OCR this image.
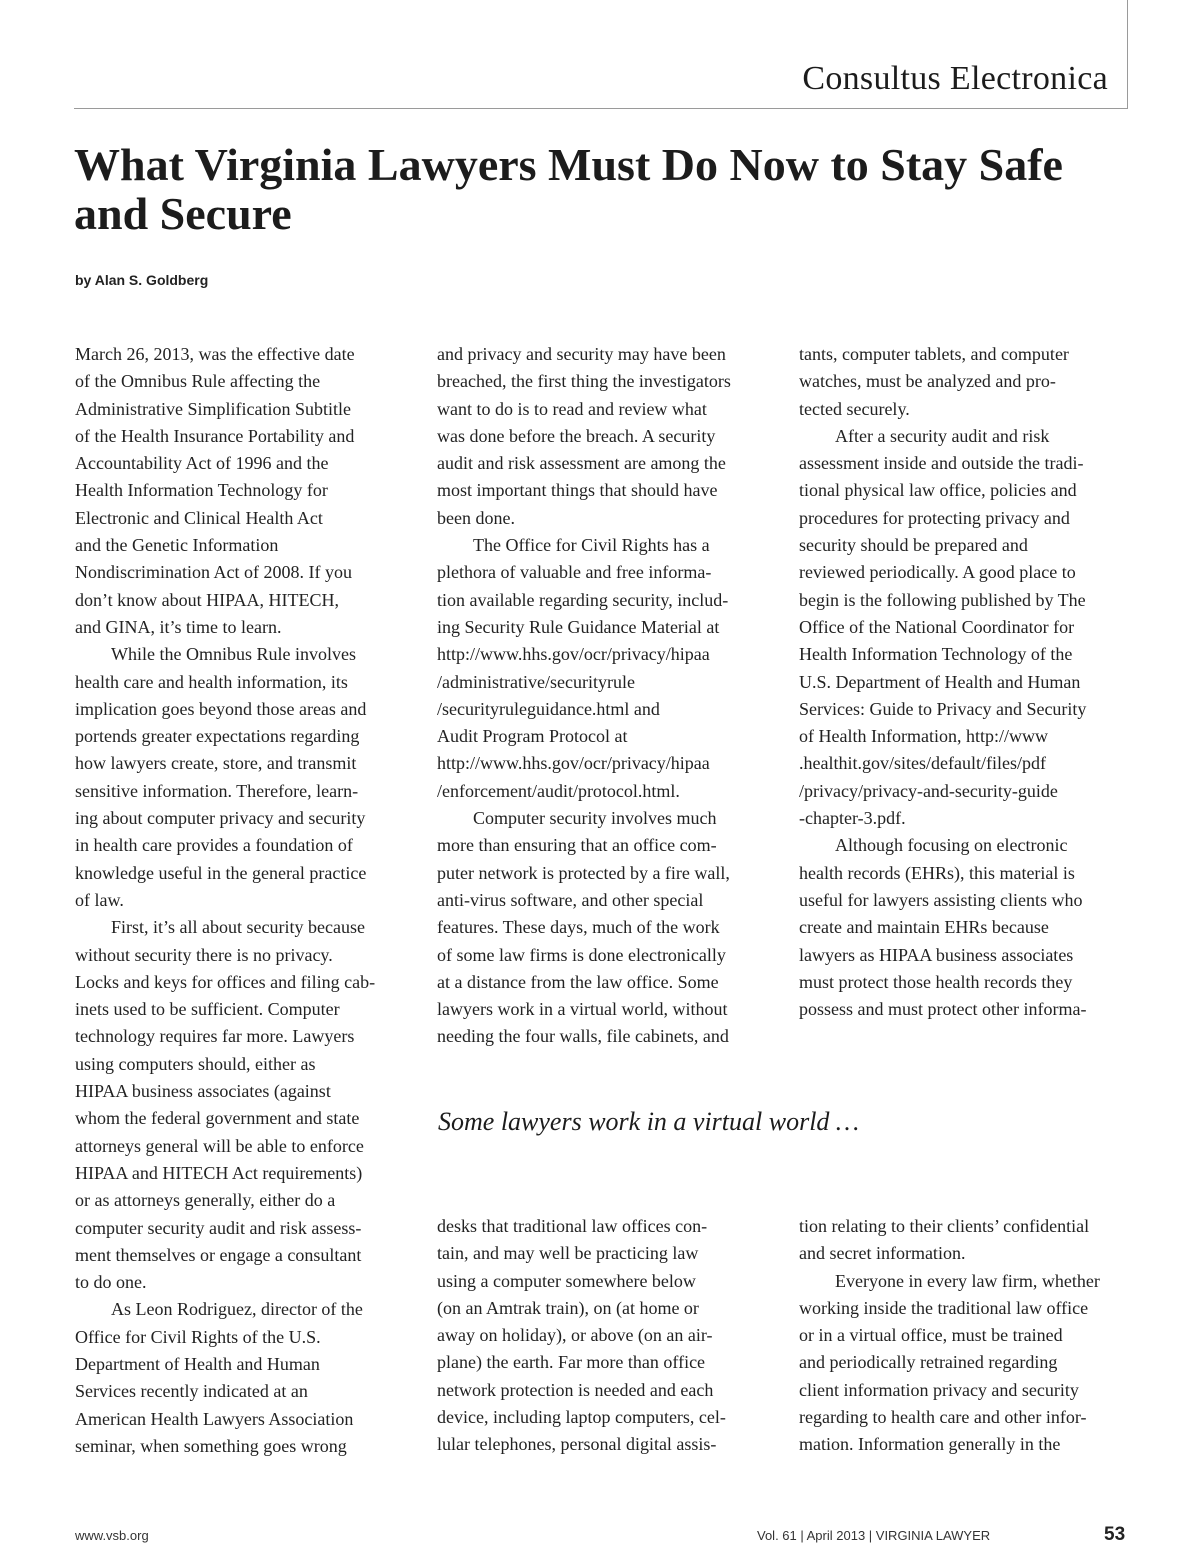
Consultus Electronica
What Virginia Lawyers Must Do Now to Stay Safe and Secure
by Alan S. Goldberg
March 26, 2013, was the effective date
of the Omnibus Rule affecting the
Administrative Simplification Subtitle
of the Health Insurance Portability and
Accountability Act of 1996 and the
Health Information Technology for
Electronic and Clinical Health Act
and the Genetic Information
Nondiscrimination Act of 2008. If you
don’t know about HIPAA, HITECH,
and GINA, it’s time to learn.
While the Omnibus Rule involves
health care and health information, its
implication goes beyond those areas and
portends greater expectations regarding
how lawyers create, store, and transmit
sensitive information. Therefore, learn-
ing about computer privacy and security
in health care provides a foundation of
knowledge useful in the general practice
of law.
First, it’s all about security because
without security there is no privacy.
Locks and keys for offices and filing cab-
inets used to be sufficient. Computer
technology requires far more. Lawyers
using computers should, either as
HIPAA business associates (against
whom the federal government and state
attorneys general will be able to enforce
HIPAA and HITECH Act requirements)
or as attorneys generally, either do a
computer security audit and risk assess-
ment themselves or engage a consultant
to do one.
As Leon Rodriguez, director of the
Office for Civil Rights of the U.S.
Department of Health and Human
Services recently indicated at an
American Health Lawyers Association
seminar, when something goes wrong
and privacy and security may have been
breached, the first thing the investigators
want to do is to read and review what
was done before the breach. A security
audit and risk assessment are among the
most important things that should have
been done.
The Office for Civil Rights has a
plethora of valuable and free informa-
tion available regarding security, includ-
ing Security Rule Guidance Material at
http://www.hhs.gov/ocr/privacy/hipaa
/administrative/securityrule
/securityruleguidance.html and
Audit Program Protocol at
http://www.hhs.gov/ocr/privacy/hipaa
/enforcement/audit/protocol.html.
Computer security involves much
more than ensuring that an office com-
puter network is protected by a fire wall,
anti-virus software, and other special
features. These days, much of the work
of some law firms is done electronically
at a distance from the law office. Some
lawyers work in a virtual world, without
needing the four walls, file cabinets, and
tants, computer tablets, and computer
watches, must be analyzed and pro-
tected securely.
After a security audit and risk
assessment inside and outside the tradi-
tional physical law office, policies and
procedures for protecting privacy and
security should be prepared and
reviewed periodically. A good place to
begin is the following published by The
Office of the National Coordinator for
Health Information Technology of the
U.S. Department of Health and Human
Services: Guide to Privacy and Security
of Health Information, http://www
.healthit.gov/sites/default/files/pdf
/privacy/privacy-and-security-guide
-chapter-3.pdf.
Although focusing on electronic
health records (EHRs), this material is
useful for lawyers assisting clients who
create and maintain EHRs because
lawyers as HIPAA business associates
must protect those health records they
possess and must protect other informa-
Some lawyers work in a virtual world …
desks that traditional law offices con-
tain, and may well be practicing law
using a computer somewhere below
(on an Amtrak train), on (at home or
away on holiday), or above (on an air-
plane) the earth. Far more than office
network protection is needed and each
device, including laptop computers, cel-
lular telephones, personal digital assis-
tion relating to their clients’ confidential
and secret information.
Everyone in every law firm, whether
working inside the traditional law office
or in a virtual office, must be trained
and periodically retrained regarding
client information privacy and security
regarding to health care and other infor-
mation. Information generally in the
www.vsb.org	Vol. 61 | April 2013 | VIRGINIA LAWYER	53
